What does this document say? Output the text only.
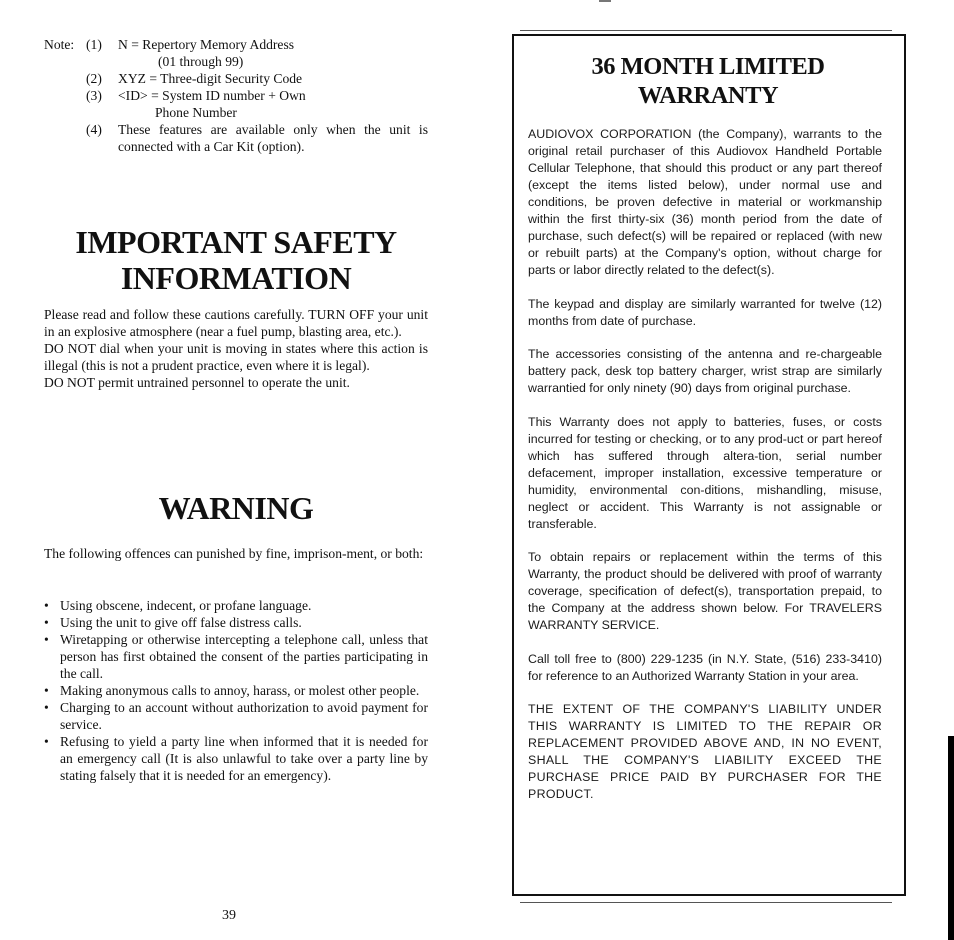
Note: (1)	N = Repertory Memory Address
(01 through 99)
(2)	XYZ = Three-digit Security Code
(3)	<ID> = System ID number + Own
Phone Number
(4)	These features are available only when the unit is connected with a Car Kit (option).
IMPORTANT SAFETY INFORMATION

Please read and follow these cautions carefully. TURN OFF your unit in an explosive atmosphere (near a fuel pump, blasting area, etc.).

DO NOT dial when your unit is moving in states where this action is illegal (this is not a prudent practice, even where it is legal).

DO NOT permit untrained personnel to operate the unit.

WARNING

The following offences can punished by fine, imprison-ment, or both:

• Using obscene, indecent, or profane language.
• Using the unit to give off false distress calls.
• Wiretapping or otherwise intercepting a telephone call, unless that person has first obtained the consent of the parties participating in the call.
• Making anonymous calls to annoy, harass, or molest other people.
• Charging to an account without authorization to avoid payment for service.
• Refusing to yield a party line when informed that it is needed for an emergency call (It is also unlawful to take over a party line by stating falsely that it is needed for an emergency).
39
36 MONTH LIMITED
WARRANTY

AUDIOVOX CORPORATION (the Company), warrants to the original retail purchaser of this Audiovox Handheld Portable Cellular Telephone, that should this product or any part thereof (except the items listed below), under normal use and conditions, be proven defective in material or workmanship within the first thirty-six (36) month period from the date of purchase, such defect(s) will be repaired or replaced (with new or rebuilt parts) at the Company's option, without charge for parts or labor directly related to the defect(s).

The keypad and display are similarly warranted for twelve (12) months from date of purchase.

The accessories consisting of the antenna and re-chargeable battery pack, desk top battery charger, wrist strap are similarly warrantied for only ninety (90) days from original purchase.

This Warranty does not apply to batteries, fuses, or costs incurred for testing or checking, or to any prod-uct or part hereof which has suffered through altera-tion, serial number defacement, improper installation, excessive temperature or humidity, environmental con-ditions, mishandling, misuse, neglect or accident. This Warranty is not assignable or transferable.

To obtain repairs or replacement within the terms of this Warranty, the product should be delivered with proof of warranty coverage, specification of defect(s), transportation prepaid, to the Company at the address shown below. For TRAVELERS WARRANTY SERVICE.

Call toll free to (800) 229-1235 (in N.Y. State, (516) 233-3410) for reference to an Authorized Warranty Station in your area.

THE EXTENT OF THE COMPANY'S LIABILITY UNDER THIS WARRANTY IS LIMITED TO THE REPAIR OR REPLACEMENT PROVIDED ABOVE AND, IN NO EVENT, SHALL THE COMPANY'S LIABILITY EXCEED THE PURCHASE PRICE PAID BY PURCHASER FOR THE PRODUCT.
